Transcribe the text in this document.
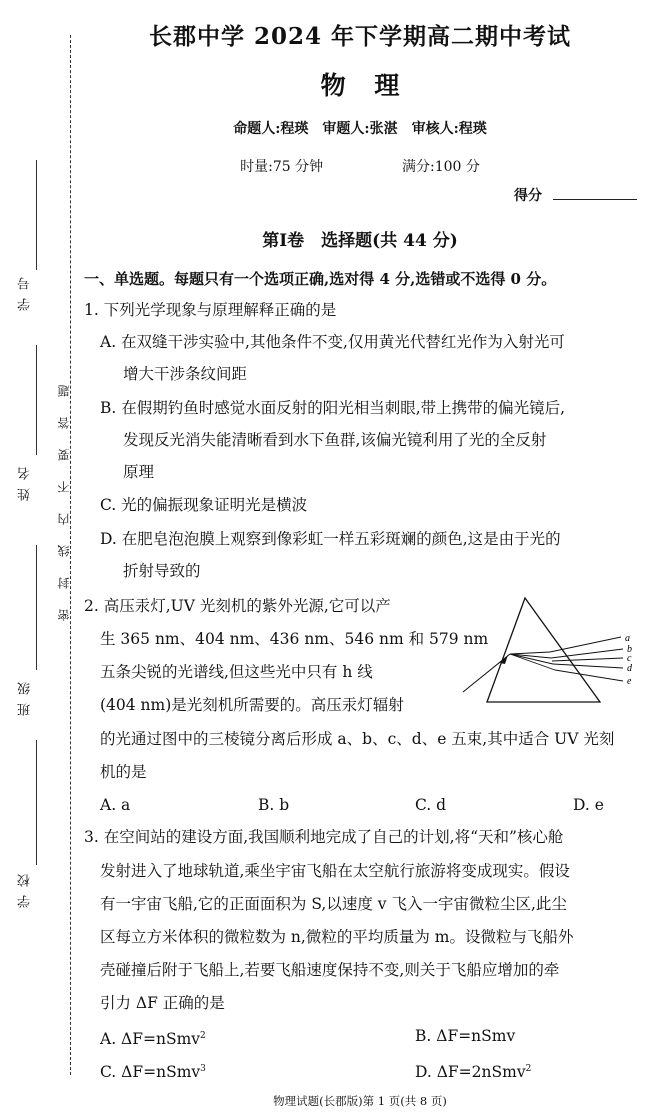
学 号
姓 名
班 级
学 校
密封线内不要答题
长郡中学 2024 年下学期高二期中考试
物 理
命题人:程瑛　审题人:张湛　审核人:程瑛
时量:75 分钟	满分:100 分
得分
第Ⅰ卷　选择题(共 44 分)
一、单选题。每题只有一个选项正确,选对得 4 分,选错或不选得 0 分。
1. 下列光学现象与原理解释正确的是
A. 在双缝干涉实验中,其他条件不变,仅用黄光代替红光作为入射光可
增大干涉条纹间距
B. 在假期钓鱼时感觉水面反射的阳光相当刺眼,带上携带的偏光镜后,
发现反光消失能清晰看到水下鱼群,该偏光镜利用了光的全反射
原理
C. 光的偏振现象证明光是横波
D. 在肥皂泡泡膜上观察到像彩虹一样五彩斑斓的颜色,这是由于光的
折射导致的
2. 高压汞灯,UV 光刻机的紫外光源,它可以产
生 365 nm、404 nm、436 nm、546 nm 和 579 nm
五条尖锐的光谱线,但这些光中只有 h 线
(404 nm)是光刻机所需要的。高压汞灯辐射
的光通过图中的三棱镜分离后形成 a、b、c、d、e 五束,其中适合 UV 光刻
机的是
a
b
c
d
e
A. a	B. b	C. d	D. e
3. 在空间站的建设方面,我国顺利地完成了自己的计划,将“天和”核心舱
发射进入了地球轨道,乘坐宇宙飞船在太空航行旅游将变成现实。假设
有一宇宙飞船,它的正面面积为 S,以速度 v 飞入一宇宙微粒尘区,此尘
区每立方米体积的微粒数为 n,微粒的平均质量为 m。设微粒与飞船外
壳碰撞后附于飞船上,若要飞船速度保持不变,则关于飞船应增加的牵
引力 ΔF 正确的是
A. ΔF=nSmv$^2$	B. ΔF=nSmv
C. ΔF=nSmv$^3$	D. ΔF=2nSmv$^2$
物理试题(长郡版)第 1 页(共 8 页)
